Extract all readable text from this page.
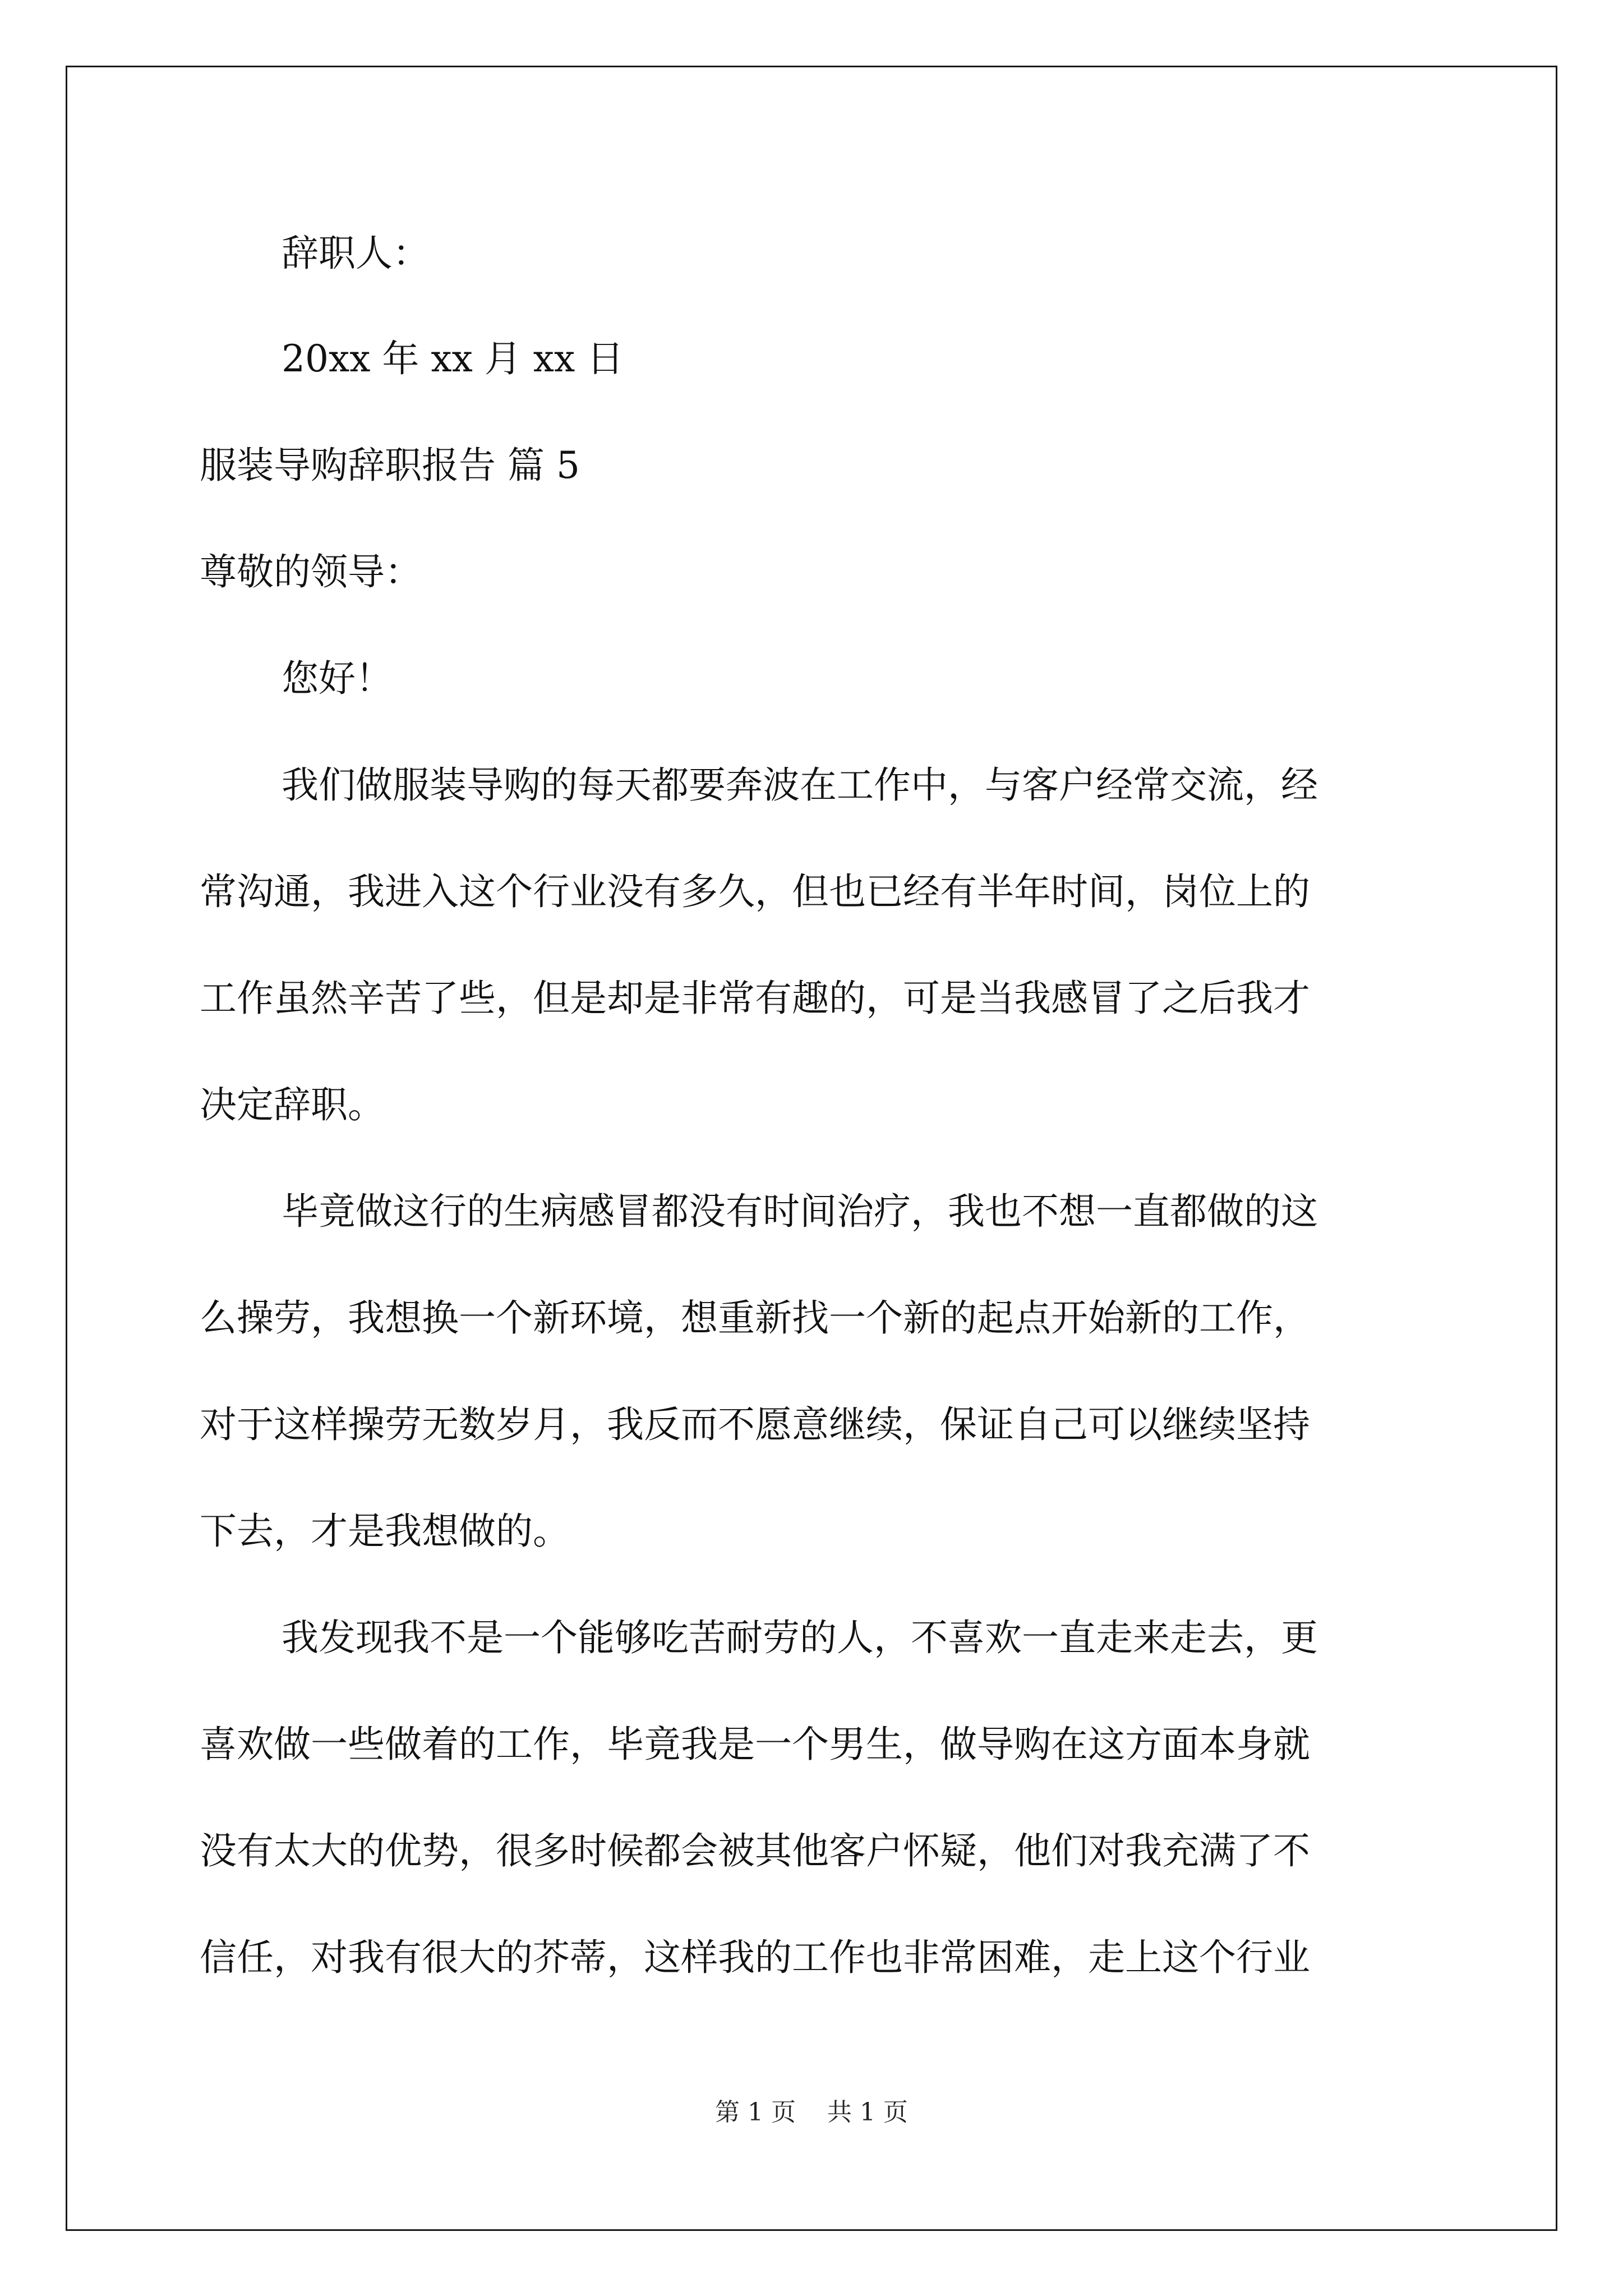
辞职人：

20xx 年 xx 月 xx 日

服装导购辞职报告 篇 5

尊敬的领导：

您好！

我们做服装导购的每天都要奔波在工作中，与客户经常交流，经

常沟通，我进入这个行业没有多久，但也已经有半年时间，岗位上的

工作虽然辛苦了些，但是却是非常有趣的，可是当我感冒了之后我才

决定辞职。

毕竟做这行的生病感冒都没有时间治疗，我也不想一直都做的这

么操劳，我想换一个新环境，想重新找一个新的起点开始新的工作，

对于这样操劳无数岁月，我反而不愿意继续，保证自己可以继续坚持

下去，才是我想做的。

我发现我不是一个能够吃苦耐劳的人，不喜欢一直走来走去，更

喜欢做一些做着的工作，毕竟我是一个男生，做导购在这方面本身就

没有太大的优势，很多时候都会被其他客户怀疑，他们对我充满了不

信任，对我有很大的芥蒂，这样我的工作也非常困难，走上这个行业

第 1 页 共 1 页
